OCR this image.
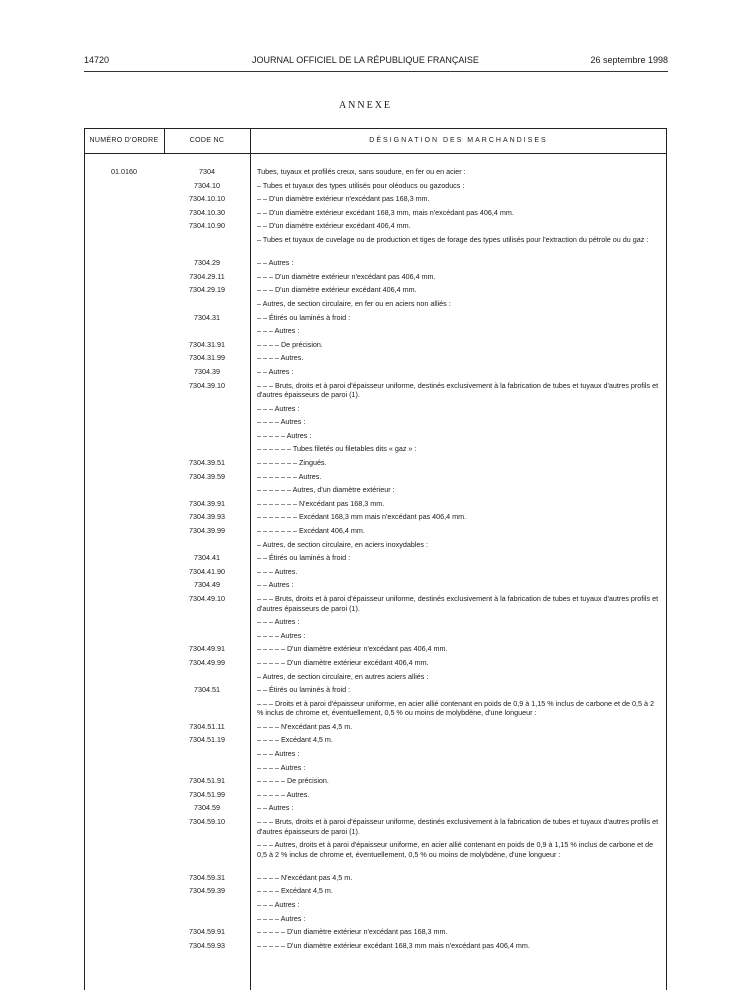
14720	JOURNAL OFFICIEL DE LA RÉPUBLIQUE FRANÇAISE	26 septembre 1998
ANNEXE
NUMÉRO D'ORDRE	CODE NC	DÉSIGNATION DES MARCHANDISES
01.0160	7304	Tubes, tuyaux et profilés creux, sans soudure, en fer ou en acier :
7304.10	– Tubes et tuyaux des types utilisés pour oléoducs ou gazoducs :
7304.10.10	– – D'un diamètre extérieur n'excédant pas 168,3 mm.
7304.10.30	– – D'un diamètre extérieur excédant 168,3 mm, mais n'excédant pas 406,4 mm.
7304.10.90	– – D'un diamètre extérieur excédant 406,4 mm.
– Tubes et tuyaux de cuvelage ou de production et tiges de forage des types utilisés pour l'extraction du pétrole ou du gaz :
7304.29	– – Autres :
7304.29.11	– – – D'un diamètre extérieur n'excédant pas 406,4 mm.
7304.29.19	– – – D'un diamètre extérieur excédant 406,4 mm.
– Autres, de section circulaire, en fer ou en aciers non alliés :
7304.31	– – Étirés ou laminés à froid :
– – – Autres :
7304.31.91	– – – – De précision.
7304.31.99	– – – – Autres.
7304.39	– – Autres :
7304.39.10	– – – Bruts, droits et à paroi d'épaisseur uniforme, destinés exclusivement à la fabrication de tubes et tuyaux d'autres profils et d'autres épaisseurs de paroi (1).
– – – Autres :
– – – – Autres :
– – – – – Autres :
– – – – – – Tubes filetés ou filetables dits « gaz » :
7304.39.51	– – – – – – – Zingués.
7304.39.59	– – – – – – – Autres.
– – – – – – Autres, d'un diamètre extérieur :
7304.39.91	– – – – – – – N'excédant pas 168,3 mm.
7304.39.93	– – – – – – – Excédant 168,3 mm mais n'excédant pas 406,4 mm.
7304.39.99	– – – – – – – Excédant 406,4 mm.
– Autres, de section circulaire, en aciers inoxydables :
7304.41	– – Étirés ou laminés à froid :
7304.41.90	– – – Autres.
7304.49	– – Autres :
7304.49.10	– – – Bruts, droits et à paroi d'épaisseur uniforme, destinés exclusivement à la fabrication de tubes et tuyaux d'autres profils et d'autres épaisseurs de paroi (1).
– – – Autres :
– – – – Autres :
7304.49.91	– – – – – D'un diamètre extérieur n'excédant pas 406,4 mm.
7304.49.99	– – – – – D'un diamètre extérieur excédant 406,4 mm.
– Autres, de section circulaire, en autres aciers alliés :
7304.51	– – Étirés ou laminés à froid :
– – – Droits et à paroi d'épaisseur uniforme, en acier allié contenant en poids de 0,9 à 1,15 % inclus de carbone et de 0,5 à 2 % inclus de chrome et, éventuellement, 0,5 % ou moins de molybdène, d'une longueur :
7304.51.11	– – – – N'excédant pas 4,5 m.
7304.51.19	– – – – Excédant 4,5 m.
– – – Autres :
– – – – Autres :
7304.51.91	– – – – – De précision.
7304.51.99	– – – – – Autres.
7304.59	– – Autres :
7304.59.10	– – – Bruts, droits et à paroi d'épaisseur uniforme, destinés exclusivement à la fabrication de tubes et tuyaux d'autres profils et d'autres épaisseurs de paroi (1).
– – – Autres, droits et à paroi d'épaisseur uniforme, en acier allié contenant en poids de 0,9 à 1,15 % inclus de carbone et de 0,5 à 2 % inclus de chrome et, éventuellement, 0,5 % ou moins de molybdène, d'une longueur :
7304.59.31	– – – – N'excédant pas 4,5 m.
7304.59.39	– – – – Excédant 4,5 m.
– – – Autres :
– – – – Autres :
7304.59.91	– – – – – D'un diamètre extérieur n'excédant pas 168,3 mm.
7304.59.93	– – – – – D'un diamètre extérieur excédant 168,3 mm mais n'excédant pas 406,4 mm.
